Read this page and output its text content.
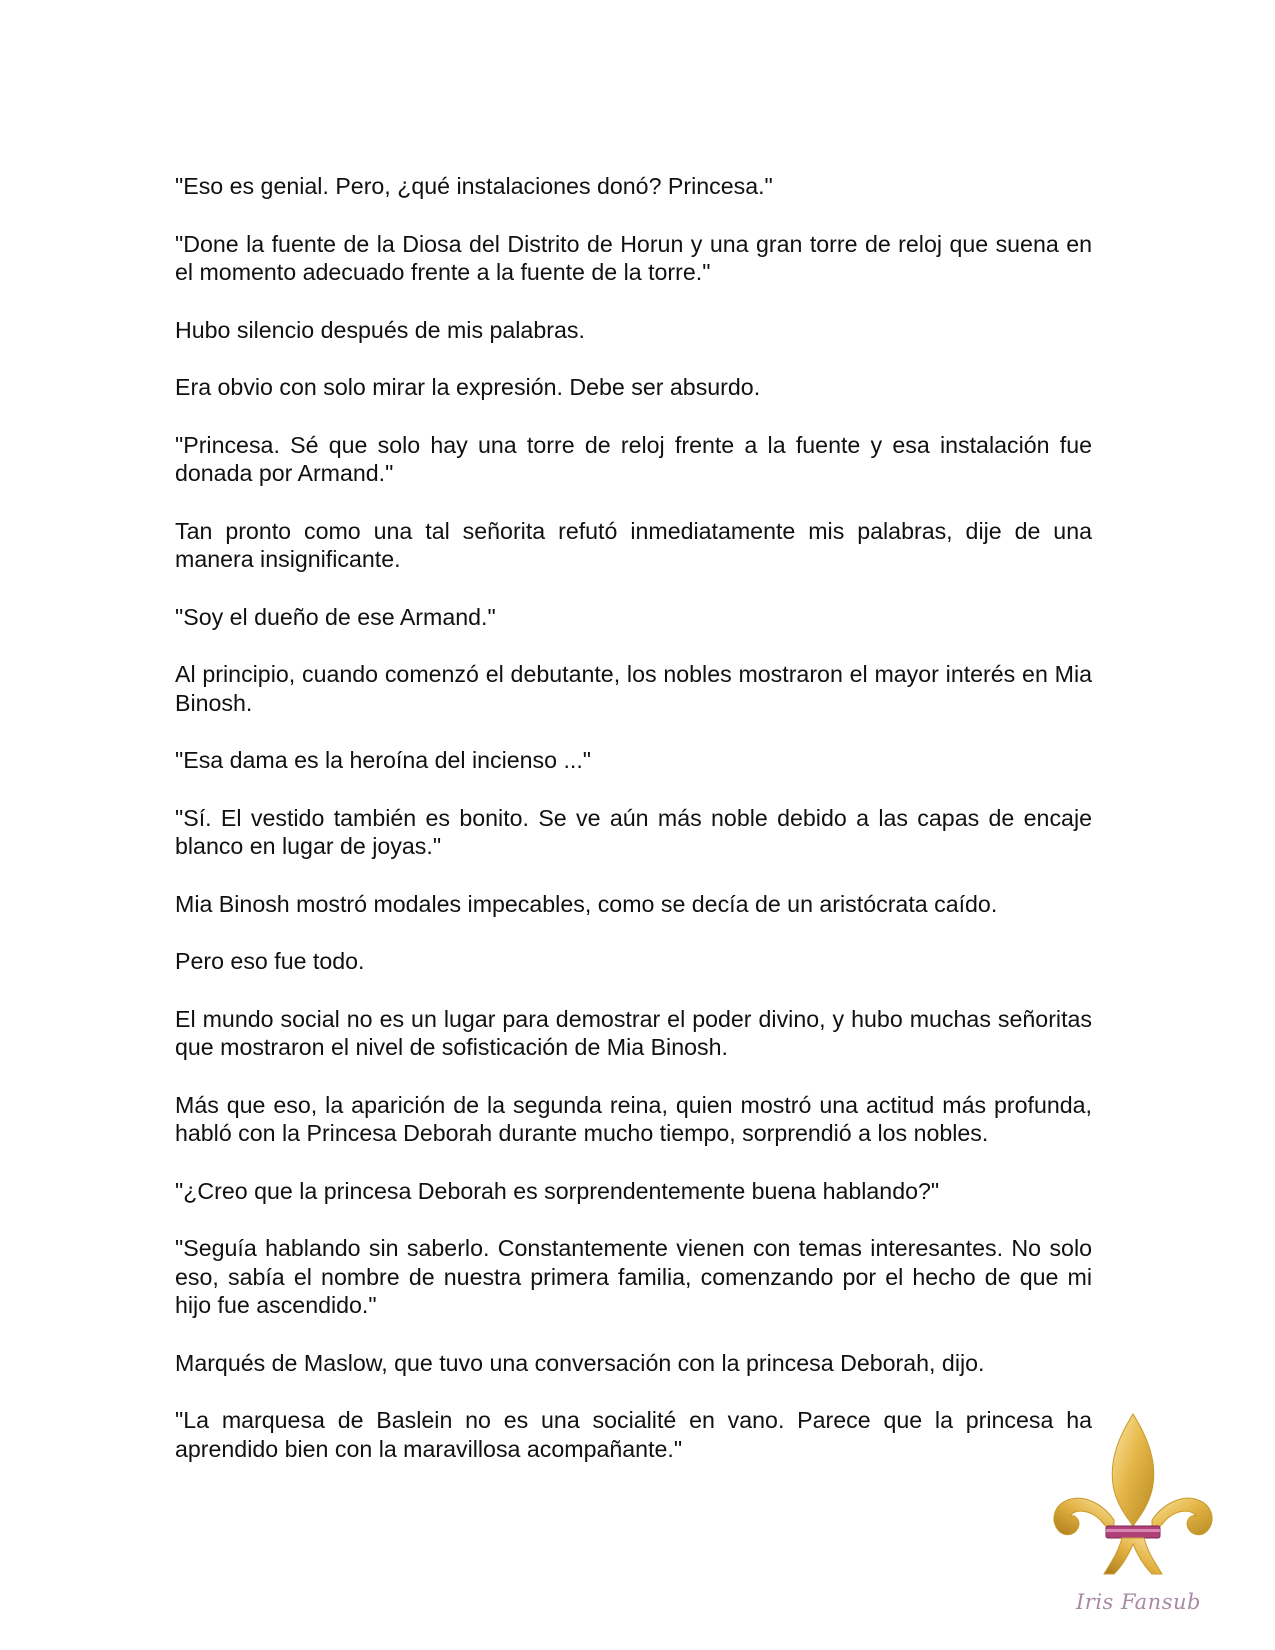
"Eso es genial. Pero, ¿qué instalaciones donó? Princesa."

"Done la fuente de la Diosa del Distrito de Horun y una gran torre de reloj que suena en el momento adecuado frente a la fuente de la torre."

Hubo silencio después de mis palabras.

Era obvio con solo mirar la expresión. Debe ser absurdo.

"Princesa. Sé que solo hay una torre de reloj frente a la fuente y esa instalación fue donada por Armand."

Tan pronto como una tal señorita refutó inmediatamente mis palabras, dije de una manera insignificante.

"Soy el dueño de ese Armand."

Al principio, cuando comenzó el debutante, los nobles mostraron el mayor interés en Mia Binosh.

"Esa dama es la heroína del incienso ..."

"Sí. El vestido también es bonito. Se ve aún más noble debido a las capas de encaje blanco en lugar de joyas."

Mia Binosh mostró modales impecables, como se decía de un aristócrata caído.

Pero eso fue todo.

El mundo social no es un lugar para demostrar el poder divino, y hubo muchas señoritas que mostraron el nivel de sofisticación de Mia Binosh.

Más que eso, la aparición de la segunda reina, quien mostró una actitud más profunda, habló con la Princesa Deborah durante mucho tiempo, sorprendió a los nobles.

"¿Creo que la princesa Deborah es sorprendentemente buena hablando?"

"Seguía hablando sin saberlo. Constantemente vienen con temas interesantes. No solo eso, sabía el nombre de nuestra primera familia, comenzando por el hecho de que mi hijo fue ascendido."

Marqués de Maslow, que tuvo una conversación con la princesa Deborah, dijo.

"La marquesa de Baslein no es una socialité en vano. Parece que la princesa ha aprendido bien con la maravillosa acompañante."

Iris Fansub
